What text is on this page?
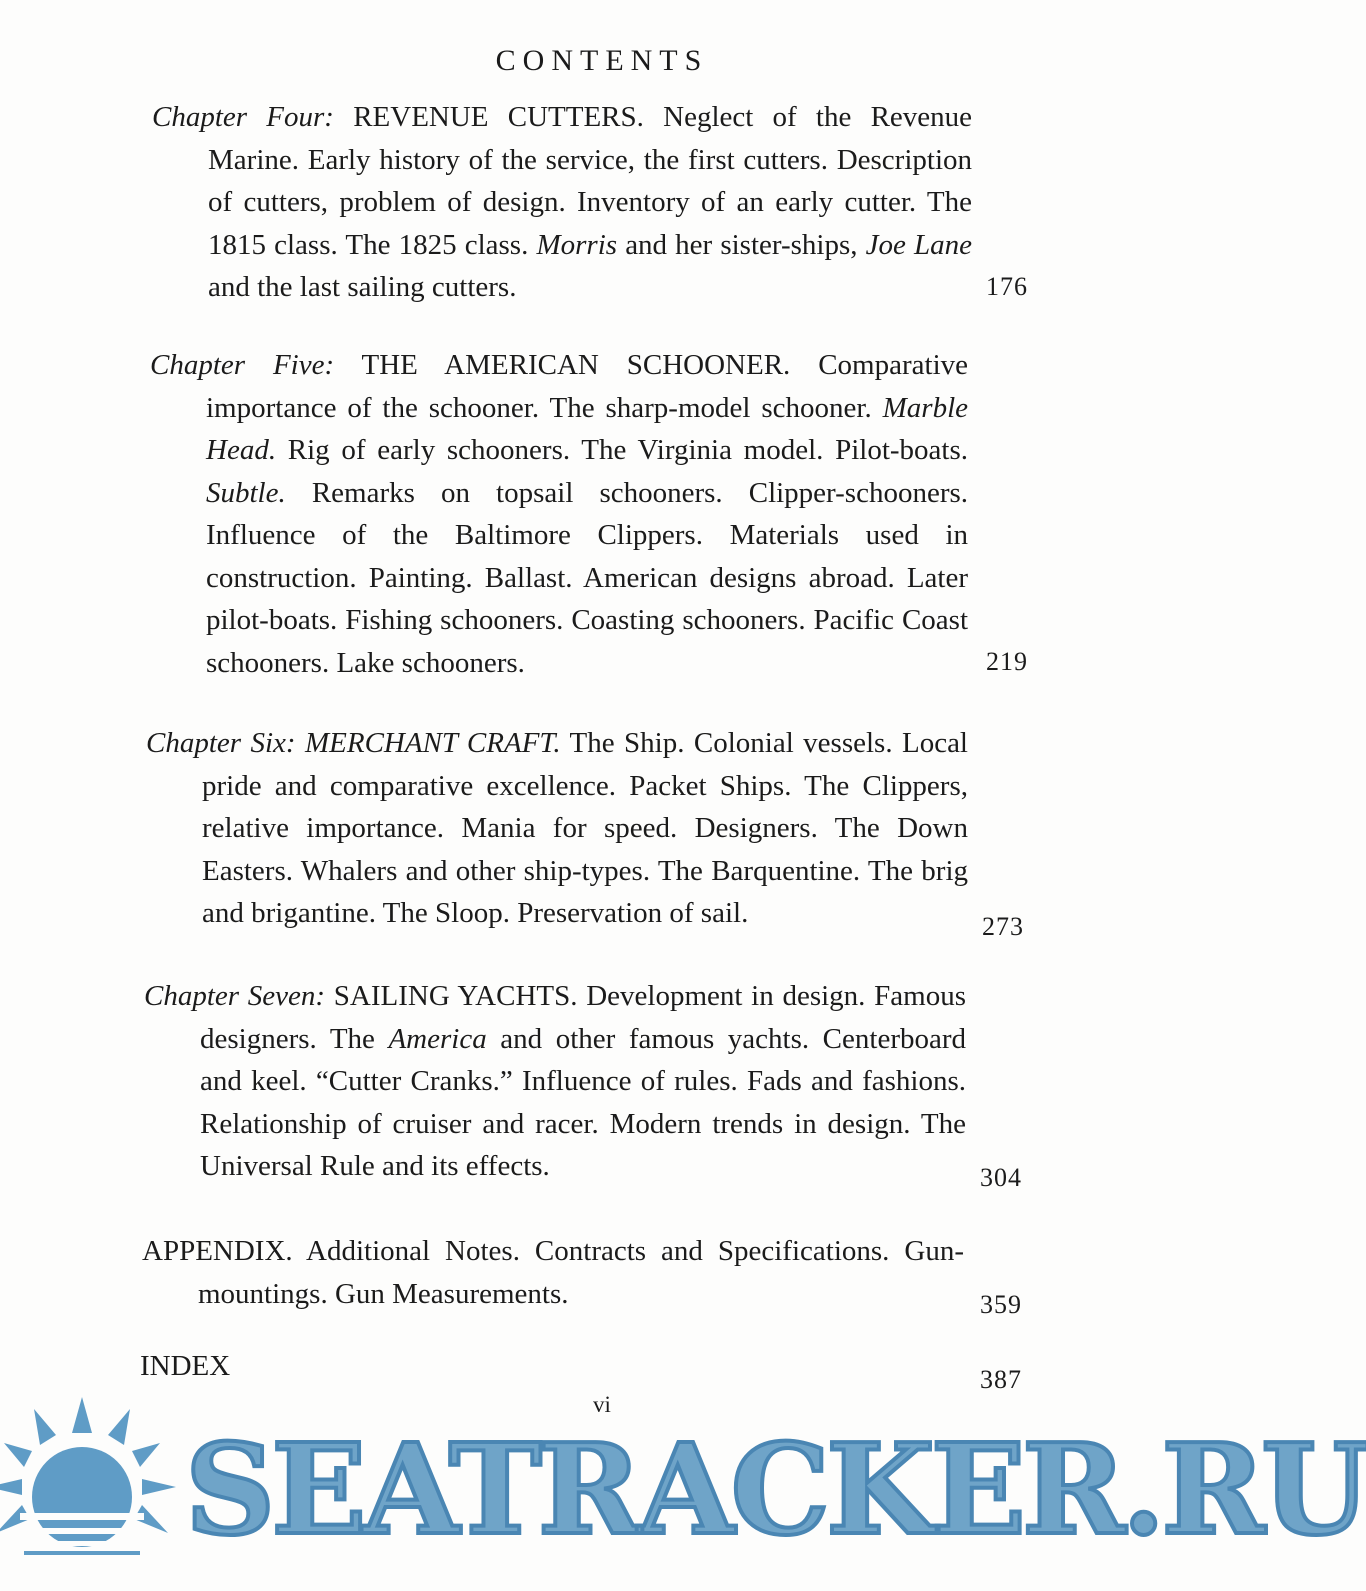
CONTENTS
Chapter Four: REVENUE CUTTERS. Neglect of the Revenue Marine. Early history of the service, the first cutters. Description of cutters, problem of design. Inventory of an early cutter. The 1815 class. The 1825 class. Morris and her sister-ships, Joe Lane and the last sailing cutters.	176
Chapter Five: THE AMERICAN SCHOONER. Comparative importance of the schooner. The sharp-model schooner. Marble Head. Rig of early schooners. The Virginia model. Pilot-boats. Subtle. Remarks on topsail schooners. Clipper-schooners. Influence of the Baltimore Clippers. Materials used in construction. Painting. Ballast. American designs abroad. Later pilot-boats. Fishing schooners. Coasting schooners. Pacific Coast schooners. Lake schooners.	219
Chapter Six: MERCHANT CRAFT. The Ship. Colonial vessels. Local pride and comparative excellence. Packet Ships. The Clippers, relative importance. Mania for speed. Designers. The Down Easters. Whalers and other ship-types. The Barquentine. The brig and brigantine. The Sloop. Preservation of sail.	273
Chapter Seven: SAILING YACHTS. Development in design. Famous designers. The America and other famous yachts. Centerboard and keel. “Cutter Cranks.” Influence of rules. Fads and fashions. Relationship of cruiser and racer. Modern trends in design. The Universal Rule and its effects.	304
APPENDIX. Additional Notes. Contracts and Specifications. Gun-mountings. Gun Measurements.	359
INDEX	387
vi
SEATRACKER.RU
